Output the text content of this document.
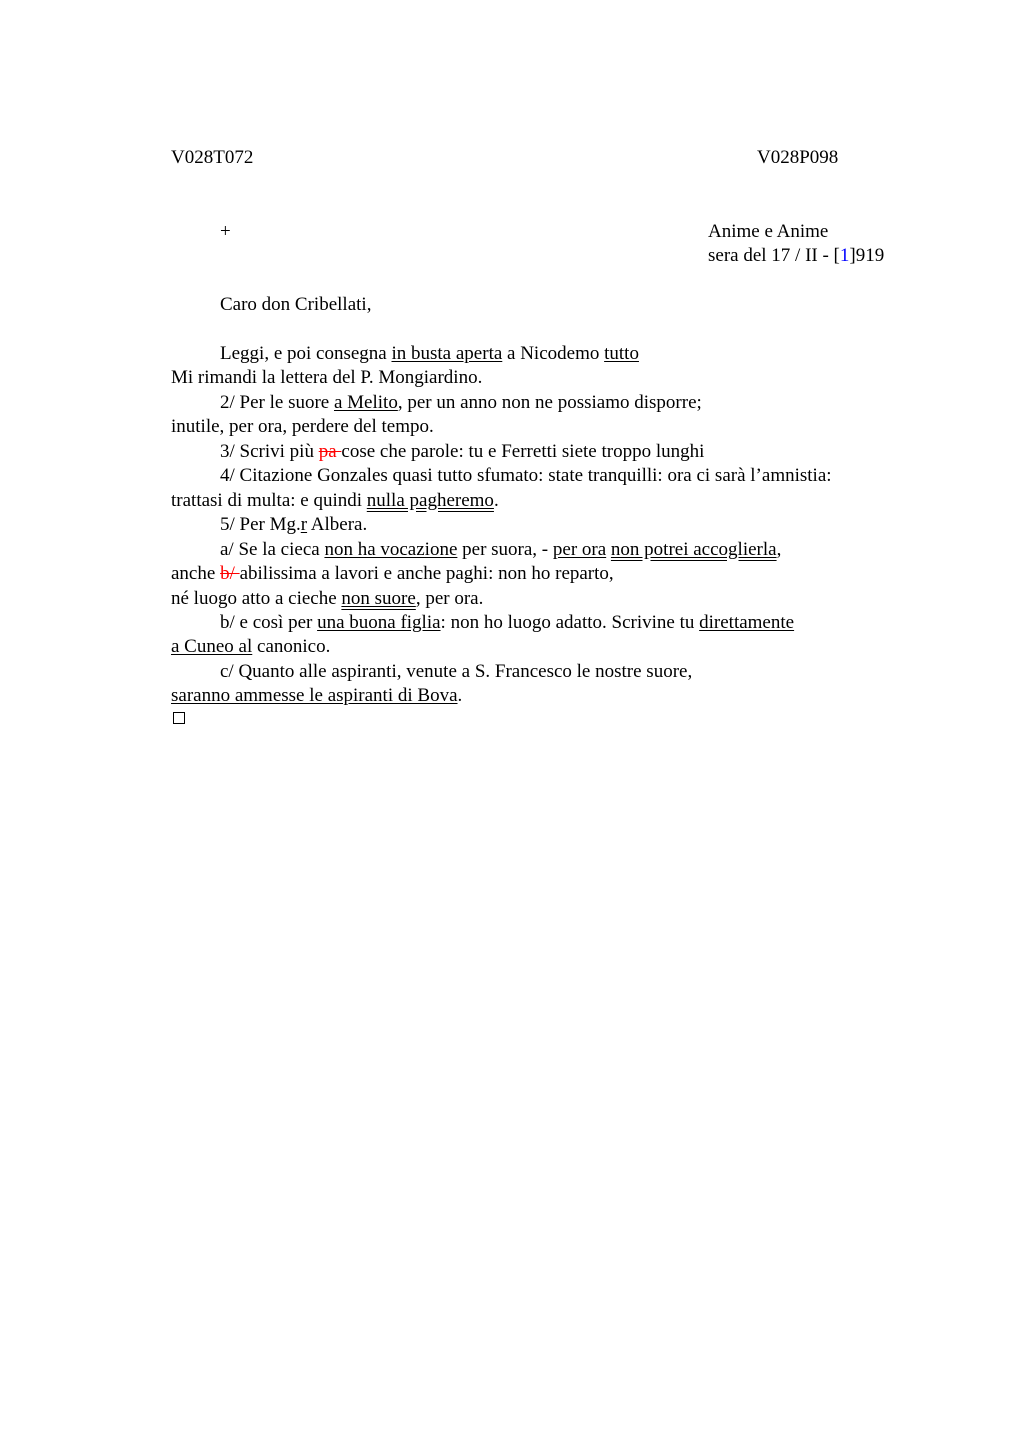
V028T072	V028P098
+	Anime e Anime
sera del 17 / II - [1]919
Caro don Cribellati,
Leggi, e poi consegna in busta aperta a Nicodemo tutto
Mi rimandi la lettera del P. Mongiardino.
2/ Per le suore a Melito, per un anno non ne possiamo disporre;
inutile, per ora, perdere del tempo.
3/ Scrivi più pa cose che parole: tu e Ferretti siete troppo lunghi
4/ Citazione Gonzales quasi tutto sfumato: state tranquilli: ora ci sarà l’amnistia:
trattasi di multa: e quindi nulla pagheremo.
5/ Per Mg.r Albera.
a/ Se la cieca non ha vocazione per suora, - per ora non potrei accoglierla,
anche b/ abilissima a lavori e anche paghi: non ho reparto,
né luogo atto a cieche non suore, per ora.
b/ e così per una buona figlia: non ho luogo adatto. Scrivine tu direttamente
a Cuneo al canonico.
c/ Quanto alle aspiranti, venute a S. Francesco le nostre suore,
saranno ammesse le aspiranti di Bova.
